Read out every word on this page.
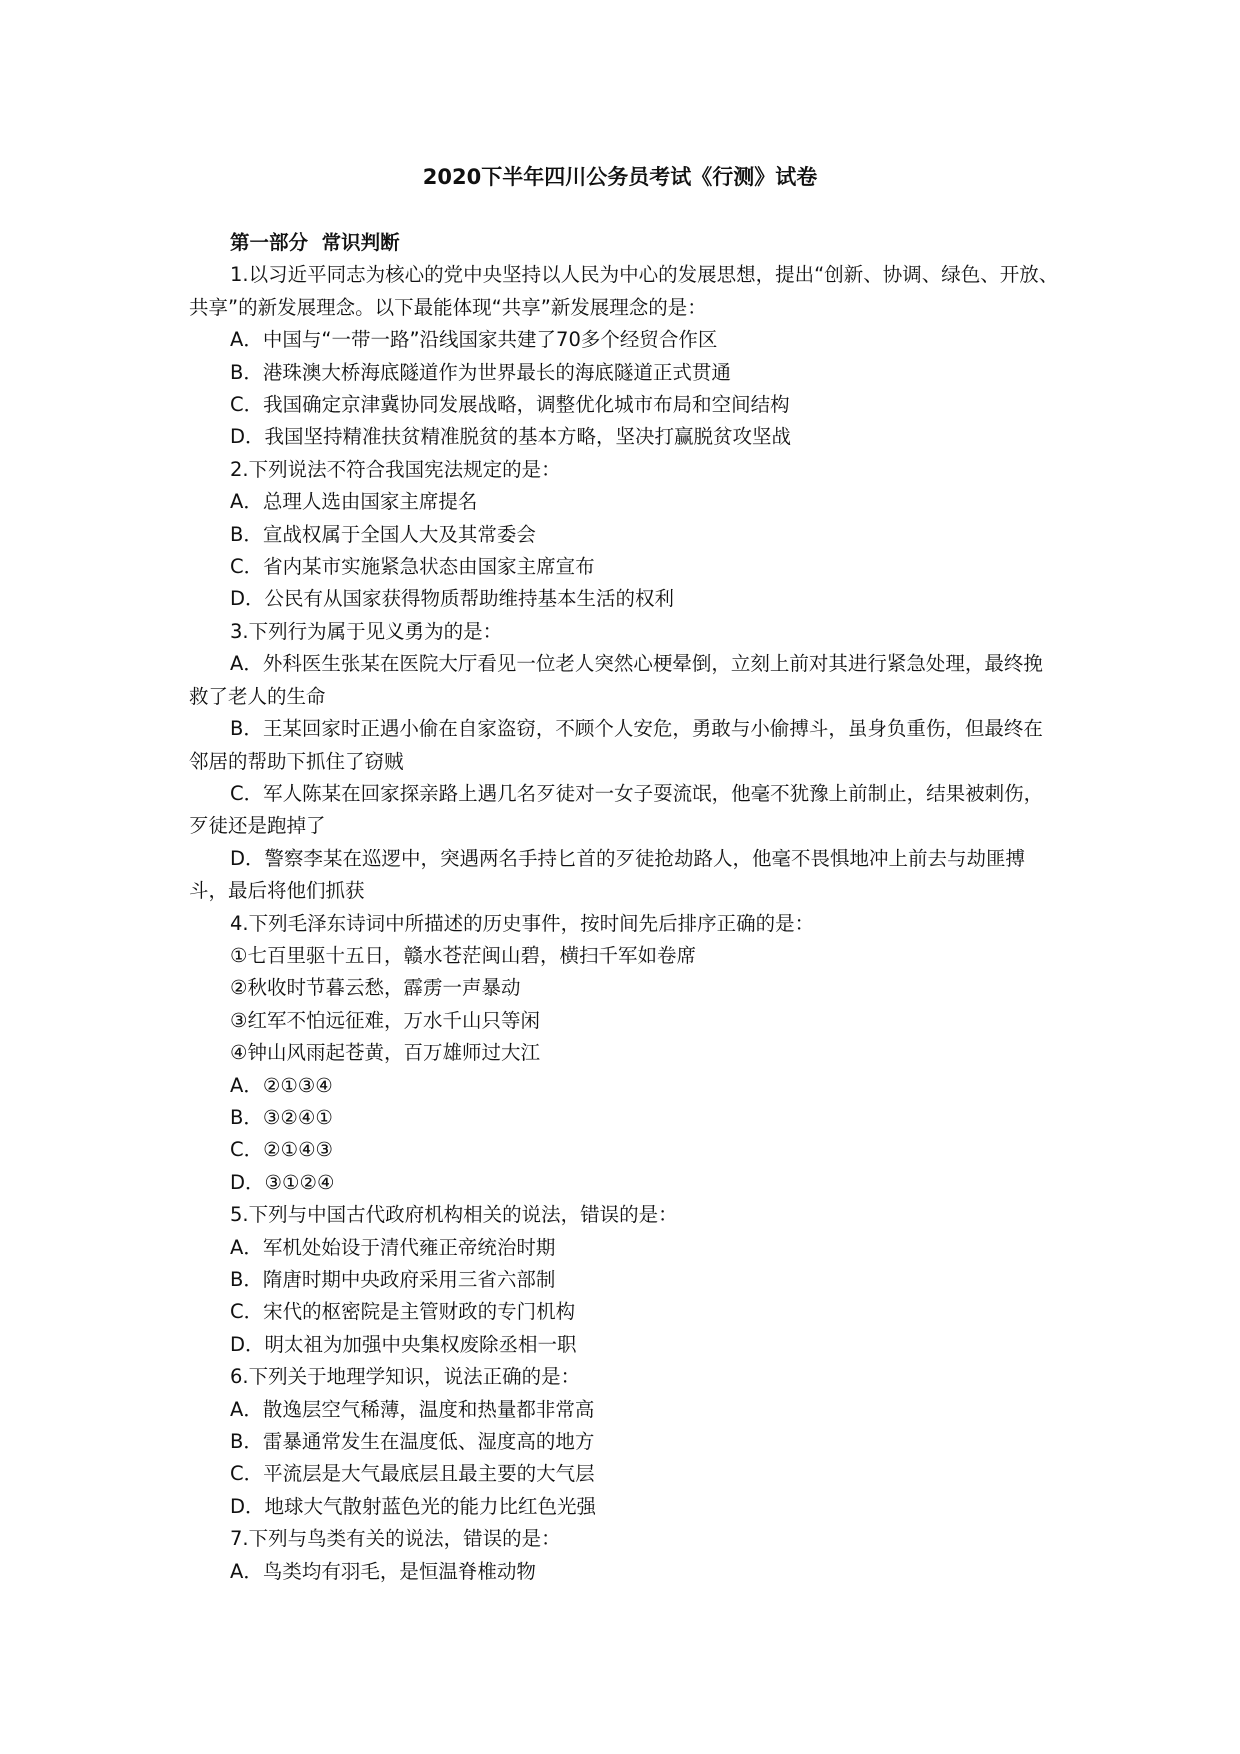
2020下半年四川公务员考试《行测》试卷

第一部分  常识判断

1.以习近平同志为核心的党中央坚持以人民为中心的发展思想，提出“创新、协调、绿色、开放、共享”的新发展理念。以下最能体现“共享”新发展理念的是：

A．中国与“一带一路”沿线国家共建了70多个经贸合作区

B．港珠澳大桥海底隧道作为世界最长的海底隧道正式贯通

C．我国确定京津冀协同发展战略，调整优化城市布局和空间结构

D．我国坚持精准扶贫精准脱贫的基本方略，坚决打赢脱贫攻坚战

2.下列说法不符合我国宪法规定的是：

A．总理人选由国家主席提名

B．宣战权属于全国人大及其常委会

C．省内某市实施紧急状态由国家主席宣布

D．公民有从国家获得物质帮助维持基本生活的权利

3.下列行为属于见义勇为的是：

A．外科医生张某在医院大厅看见一位老人突然心梗晕倒，立刻上前对其进行紧急处理，最终挽救了老人的生命

B．王某回家时正遇小偷在自家盗窃，不顾个人安危，勇敢与小偷搏斗，虽身负重伤，但最终在邻居的帮助下抓住了窃贼

C．军人陈某在回家探亲路上遇几名歹徒对一女子耍流氓，他毫不犹豫上前制止，结果被刺伤，歹徒还是跑掉了

D．警察李某在巡逻中，突遇两名手持匕首的歹徒抢劫路人，他毫不畏惧地冲上前去与劫匪搏斗，最后将他们抓获

4.下列毛泽东诗词中所描述的历史事件，按时间先后排序正确的是：

①七百里驱十五日，赣水苍茫闽山碧，横扫千军如卷席

②秋收时节暮云愁，霹雳一声暴动

③红军不怕远征难，万水千山只等闲

④钟山风雨起苍黄，百万雄师过大江

A．②①③④

B．③②④①

C．②①④③

D．③①②④

5.下列与中国古代政府机构相关的说法，错误的是：

A．军机处始设于清代雍正帝统治时期

B．隋唐时期中央政府采用三省六部制

C．宋代的枢密院是主管财政的专门机构

D．明太祖为加强中央集权废除丞相一职

6.下列关于地理学知识，说法正确的是：

A．散逸层空气稀薄，温度和热量都非常高

B．雷暴通常发生在温度低、湿度高的地方

C．平流层是大气最底层且最主要的大气层

D．地球大气散射蓝色光的能力比红色光强

7.下列与鸟类有关的说法，错误的是：

A．鸟类均有羽毛，是恒温脊椎动物
